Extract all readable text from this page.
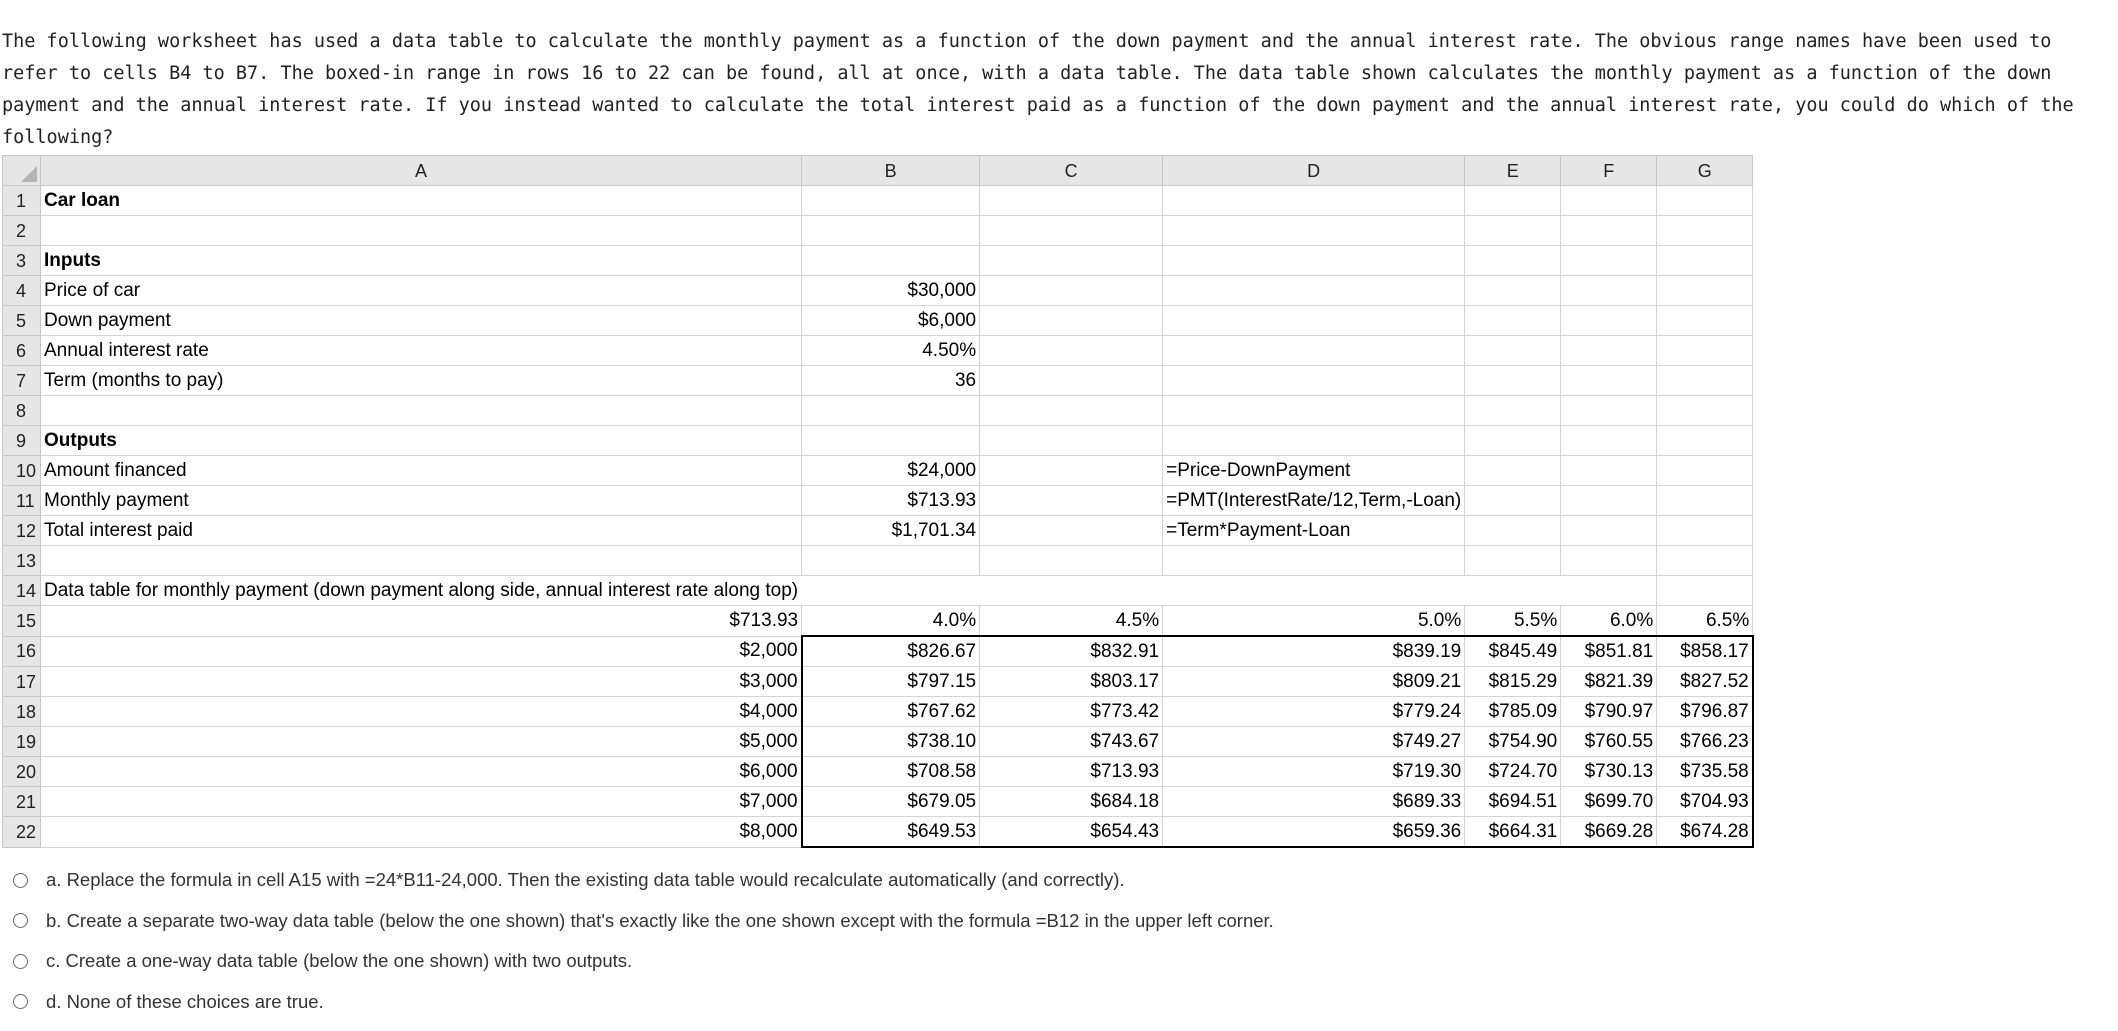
The following worksheet has used a data table to calculate the monthly payment as a function of the down payment and the annual interest rate. The obvious range names have been used to refer to cells B4 to B7. The boxed-in range in rows 16 to 22 can be found, all at once, with a data table. The data table shown calculates the monthly payment as a function of the down payment and the annual interest rate. If you instead wanted to calculate the total interest paid as a function of the down payment and the annual interest rate, you could do which of the following?

	A	B	C	D	E	F	G
1	Car loan						
2							
3	Inputs						
4	Price of car	$30,000					
5	Down payment	$6,000					
6	Annual interest rate	4.50%					
7	Term (months to pay)	36					
8							
9	Outputs						
10	Amount financed	$24,000		=Price-DownPayment			
11	Monthly payment	$713.93		=PMT(InterestRate/12,Term,-Loan)			
12	Total interest paid	$1,701.34		=Term*Payment-Loan			
13							
14	Data table for monthly payment (down payment along side, annual interest rate along top)						
15	$713.93	4.0%	4.5%	5.0%	5.5%	6.0%	6.5%
16	$2,000	$826.67	$832.91	$839.19	$845.49	$851.81	$858.17
17	$3,000	$797.15	$803.17	$809.21	$815.29	$821.39	$827.52
18	$4,000	$767.62	$773.42	$779.24	$785.09	$790.97	$796.87
19	$5,000	$738.10	$743.67	$749.27	$754.90	$760.55	$766.23
20	$6,000	$708.58	$713.93	$719.30	$724.70	$730.13	$735.58
21	$7,000	$679.05	$684.18	$689.33	$694.51	$699.70	$704.93
22	$8,000	$649.53	$654.43	$659.36	$664.31	$669.28	$674.28
a. Replace the formula in cell A15 with =24*B11-24,000. Then the existing data table would recalculate automatically (and correctly).
b. Create a separate two-way data table (below the one shown) that's exactly like the one shown except with the formula =B12 in the upper left corner.
c. Create a one-way data table (below the one shown) with two outputs.
d. None of these choices are true.
